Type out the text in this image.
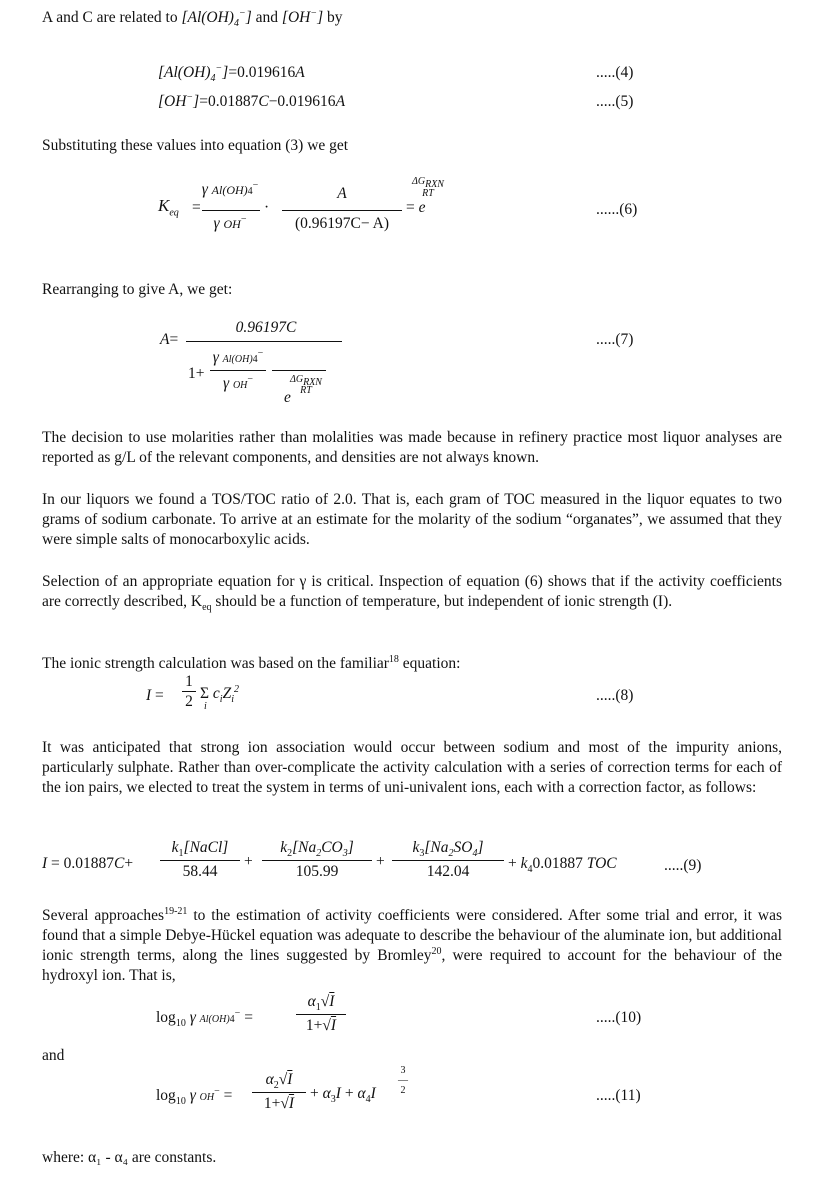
A and C are related to $[Al(OH)_4^-]$ and [OH−] by
$[Al(OH)_4^-]=0.019616A$	.....(4)
[OH−]=0.01887C−0.019616A	.....(5)
Substituting these values into equation (3) we get
$K_{eq}$ =
γ Al(OH)4−
γ OH−
·
A
(0.96197C− A)
= e
$\Delta G_{RXN}$
RT
......(6)
Rearranging to give A, we get:
A=
0.96197C
1+
γ Al(OH)4−
γ OH−	$\Delta G_{RXN}$
RT
e
.....(7)
The decision to use molarities rather than molalities was made because in refinery practice most liquor analyses are reported as g/L of the relevant components, and densities are not always known.
In our liquors we found a TOS/TOC ratio of 2.0. That is, each gram of TOC measured in the liquor equates to two grams of sodium carbonate. To arrive at an estimate for the molarity of the sodium “organates”, we assumed that they were simple salts of monocarboxylic acids.
Selection of an appropriate equation for γ is critical. Inspection of equation (6) shows that if the activity coefficients are correctly described, $K_{eq}$ should be a function of temperature, but independent of ionic strength (I).
The ionic strength calculation was based on the familiar$^{18}$ equation:
I =
1
2 Σ $c_iZ_i^2$
i
.....(8)
It was anticipated that strong ion association would occur between sodium and most of the impurity anions, particularly sulphate. Rather than over-complicate the activity calculation with a series of correction terms for each of the ion pairs, we elected to treat the system in terms of uni-univalent ions, each with a correction factor, as follows:
I = 0.01887C+
$k_1[NaCl]$
58.44
+
$k_2[Na_2CO_3]$
105.99
+
$k_3[Na_2SO_4]$
142.04	+ $k_40.01887$ TOC	.....(9)
Several approaches$^{19-21}$ to the estimation of activity coefficients were considered. After some trial and error, it was found that a simple Debye-Hückel equation was adequate to describe the behaviour of the aluminate ion, but additional ionic strength terms, along the lines suggested by Bromley$^{20}$, were required to account for the behaviour of the hydroxyl ion. That is,
$\log_{10} \gamma$ Al(OH)4− =
$\alpha_1√I$
1+√I	.....(10)
and
$\log_{10} \gamma$ OH− =
$\alpha_2√I$
1+√I
+ $\alpha_3I + \alpha_4I$
3
—
2	.....(11)
where: α₁ - α₄ are constants.
